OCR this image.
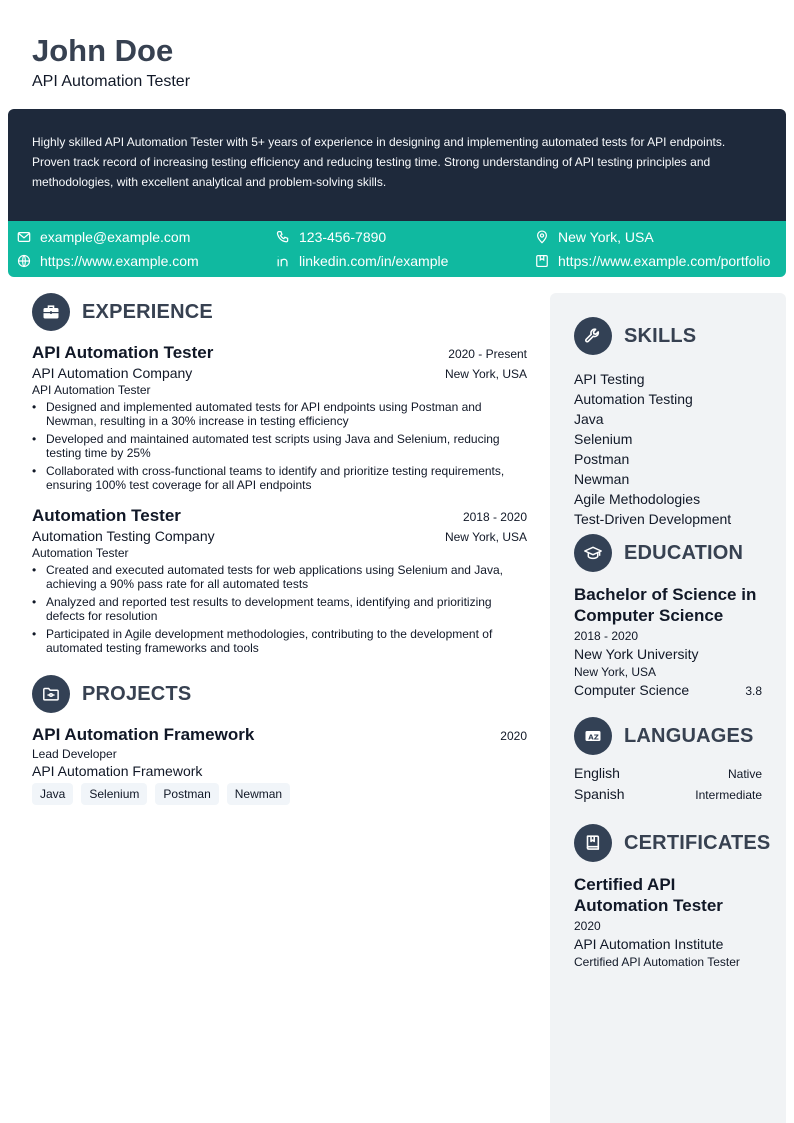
John Doe
API Automation Tester

Highly skilled API Automation Tester with 5+ years of experience in designing and implementing automated tests for API endpoints. Proven track record of increasing testing efficiency and reducing testing time. Strong understanding of API testing principles and methodologies, with excellent analytical and problem-solving skills.

example@example.com	123-456-7890	New York, USA
https://www.example.com	linkedin.com/in/example	https://www.example.com/portfolio
EXPERIENCE
API Automation Tester	2020 - Present
API Automation Company	New York, USA
API Automation Tester
• Designed and implemented automated tests for API endpoints using Postman and Newman, resulting in a 30% increase in testing efficiency
• Developed and maintained automated test scripts using Java and Selenium, reducing testing time by 25%
• Collaborated with cross-functional teams to identify and prioritize testing requirements, ensuring 100% test coverage for all API endpoints
Automation Tester	2018 - 2020
Automation Testing Company	New York, USA
Automation Tester
• Created and executed automated tests for web applications using Selenium and Java, achieving a 90% pass rate for all automated tests
• Analyzed and reported test results to development teams, identifying and prioritizing defects for resolution
• Participated in Agile development methodologies, contributing to the development of automated testing frameworks and tools
PROJECTS
API Automation Framework	2020
Lead Developer
API Automation Framework
Java	Selenium	Postman	Newman
SKILLS
API Testing
Automation Testing
Java
Selenium
Postman
Newman
Agile Methodologies
Test-Driven Development
EDUCATION
Bachelor of Science in Computer Science
2018 - 2020
New York University
New York, USA
Computer Science	3.8
A Z LANGUAGES
English	Native
Spanish	Intermediate
CERTIFICATES
Certified API Automation Tester
2020
API Automation Institute
Certified API Automation Tester
